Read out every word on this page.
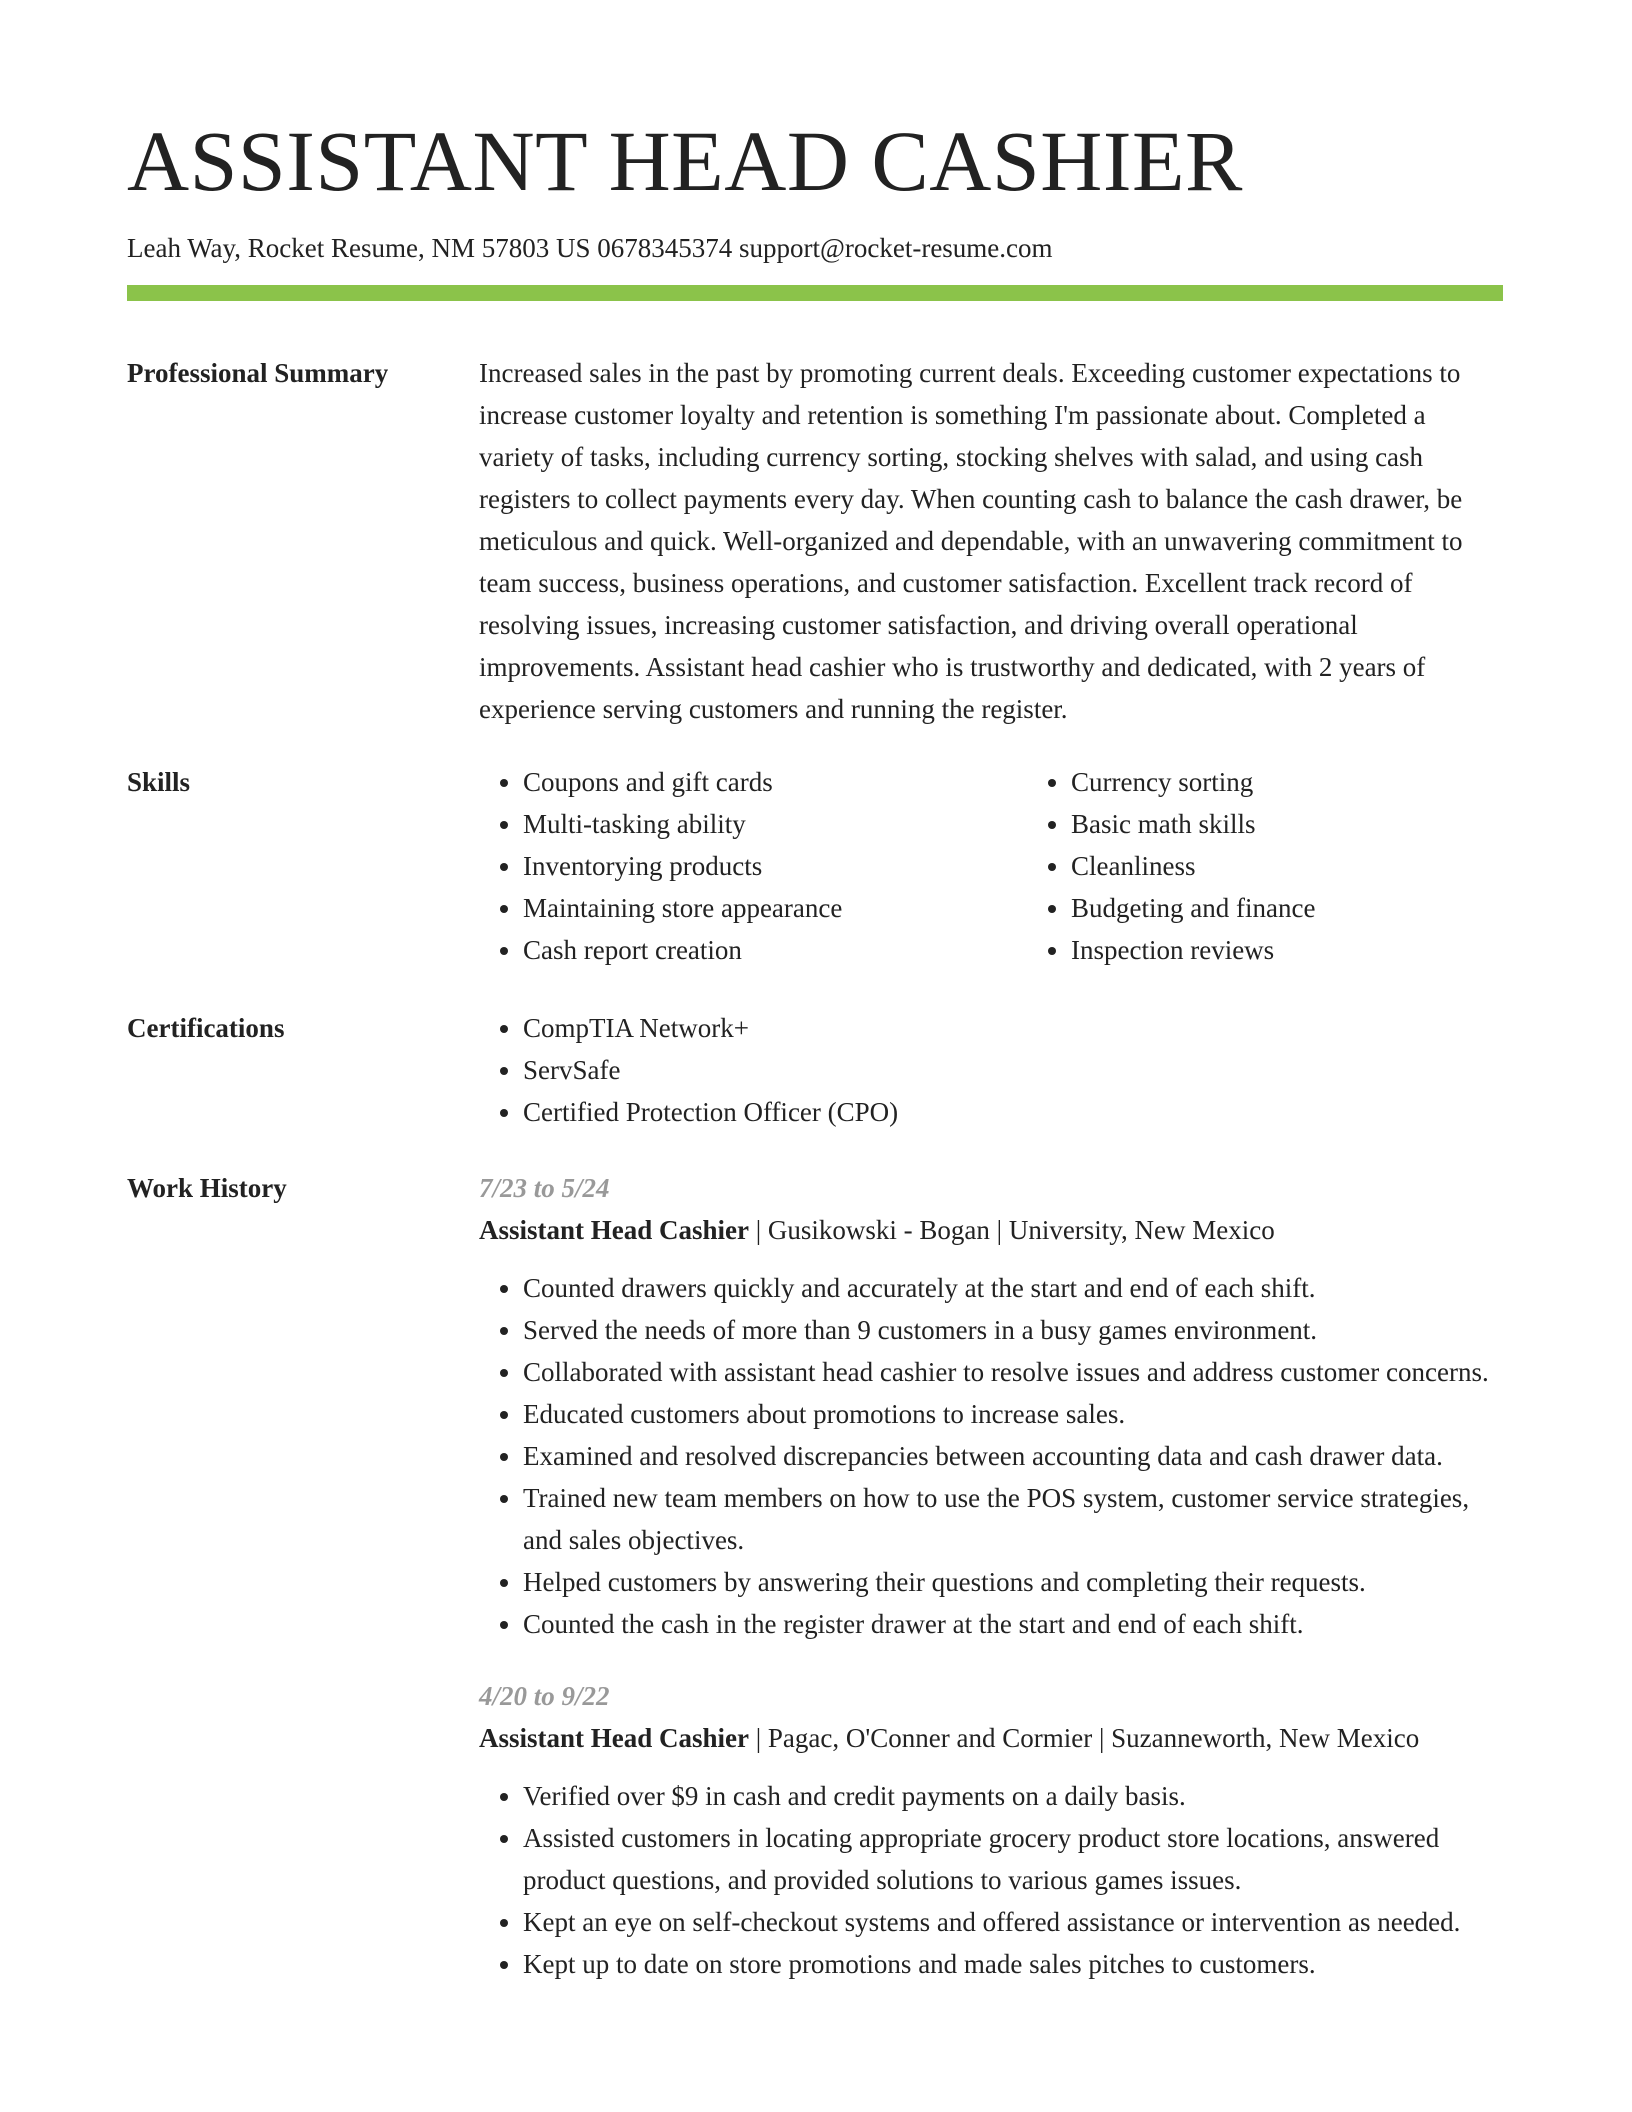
ASSISTANT HEAD CASHIER
Leah Way, Rocket Resume, NM 57803 US 0678345374 support@rocket-resume.com
Professional Summary	Increased sales in the past by promoting current deals. Exceeding customer expectations to increase customer loyalty and retention is something I'm passionate about. Completed a variety of tasks, including currency sorting, stocking shelves with salad, and using cash registers to collect payments every day. When counting cash to balance the cash drawer, be meticulous and quick. Well-organized and dependable, with an unwavering commitment to team success, business operations, and customer satisfaction. Excellent track record of resolving issues, increasing customer satisfaction, and driving overall operational improvements. Assistant head cashier who is trustworthy and dedicated, with 2 years of experience serving customers and running the register.

Skills	• Coupons and gift cards
• Multi-tasking ability
• Inventorying products
• Maintaining store appearance
• Cash report creation
• Currency sorting
• Basic math skills
• Cleanliness
• Budgeting and finance
• Inspection reviews
Certifications	• CompTIA Network+
• ServSafe
• Certified Protection Officer (CPO)
Work History	7/23 to 5/24
Assistant Head Cashier | Gusikowski - Bogan | University, New Mexico
• Counted drawers quickly and accurately at the start and end of each shift.
• Served the needs of more than 9 customers in a busy games environment.
• Collaborated with assistant head cashier to resolve issues and address customer concerns.
• Educated customers about promotions to increase sales.
• Examined and resolved discrepancies between accounting data and cash drawer data.
• Trained new team members on how to use the POS system, customer service strategies, and sales objectives.
• Helped customers by answering their questions and completing their requests.
• Counted the cash in the register drawer at the start and end of each shift.
4/20 to 9/22
Assistant Head Cashier | Pagac, O'Conner and Cormier | Suzanneworth, New Mexico
• Verified over $9 in cash and credit payments on a daily basis.
• Assisted customers in locating appropriate grocery product store locations, answered product questions, and provided solutions to various games issues.
• Kept an eye on self-checkout systems and offered assistance or intervention as needed.
• Kept up to date on store promotions and made sales pitches to customers.
